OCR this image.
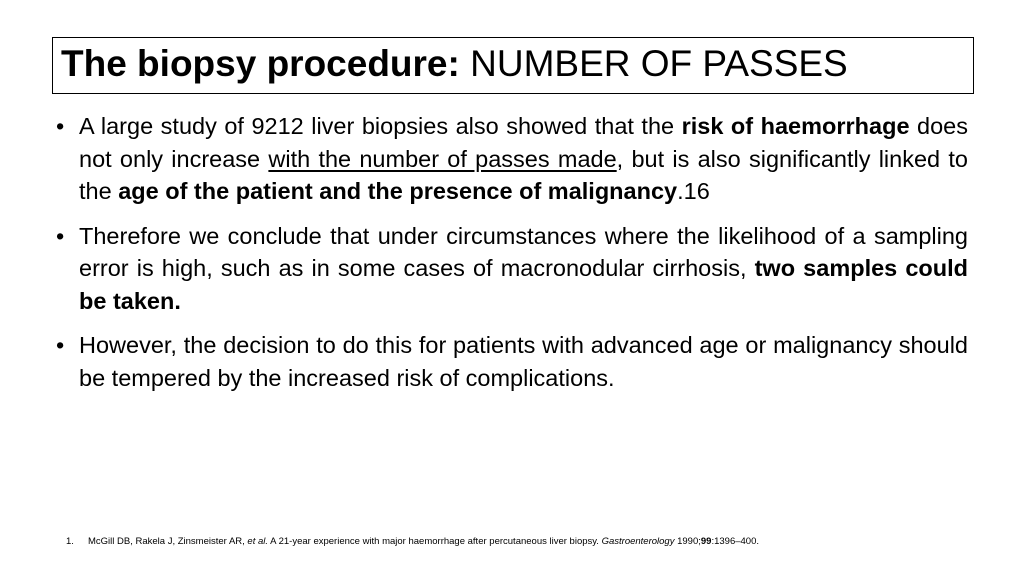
The biopsy procedure: NUMBER OF PASSES
• A large study of 9212 liver biopsies also showed that the risk of haemorrhage does not only increase with the number of passes made, but is also significantly linked to the age of the patient and the presence of malignancy.16
• Therefore we conclude that under circumstances where the likelihood of a sampling error is high, such as in some cases of macronodular cirrhosis, two samples could be taken.
• However, the decision to do this for patients with advanced age or malignancy should be tempered by the increased risk of complications.
1. McGill DB, Rakela J, Zinsmeister AR, et al. A 21-year experience with major haemorrhage after percutaneous liver biopsy. Gastroenterology 1990;99:1396–400.
